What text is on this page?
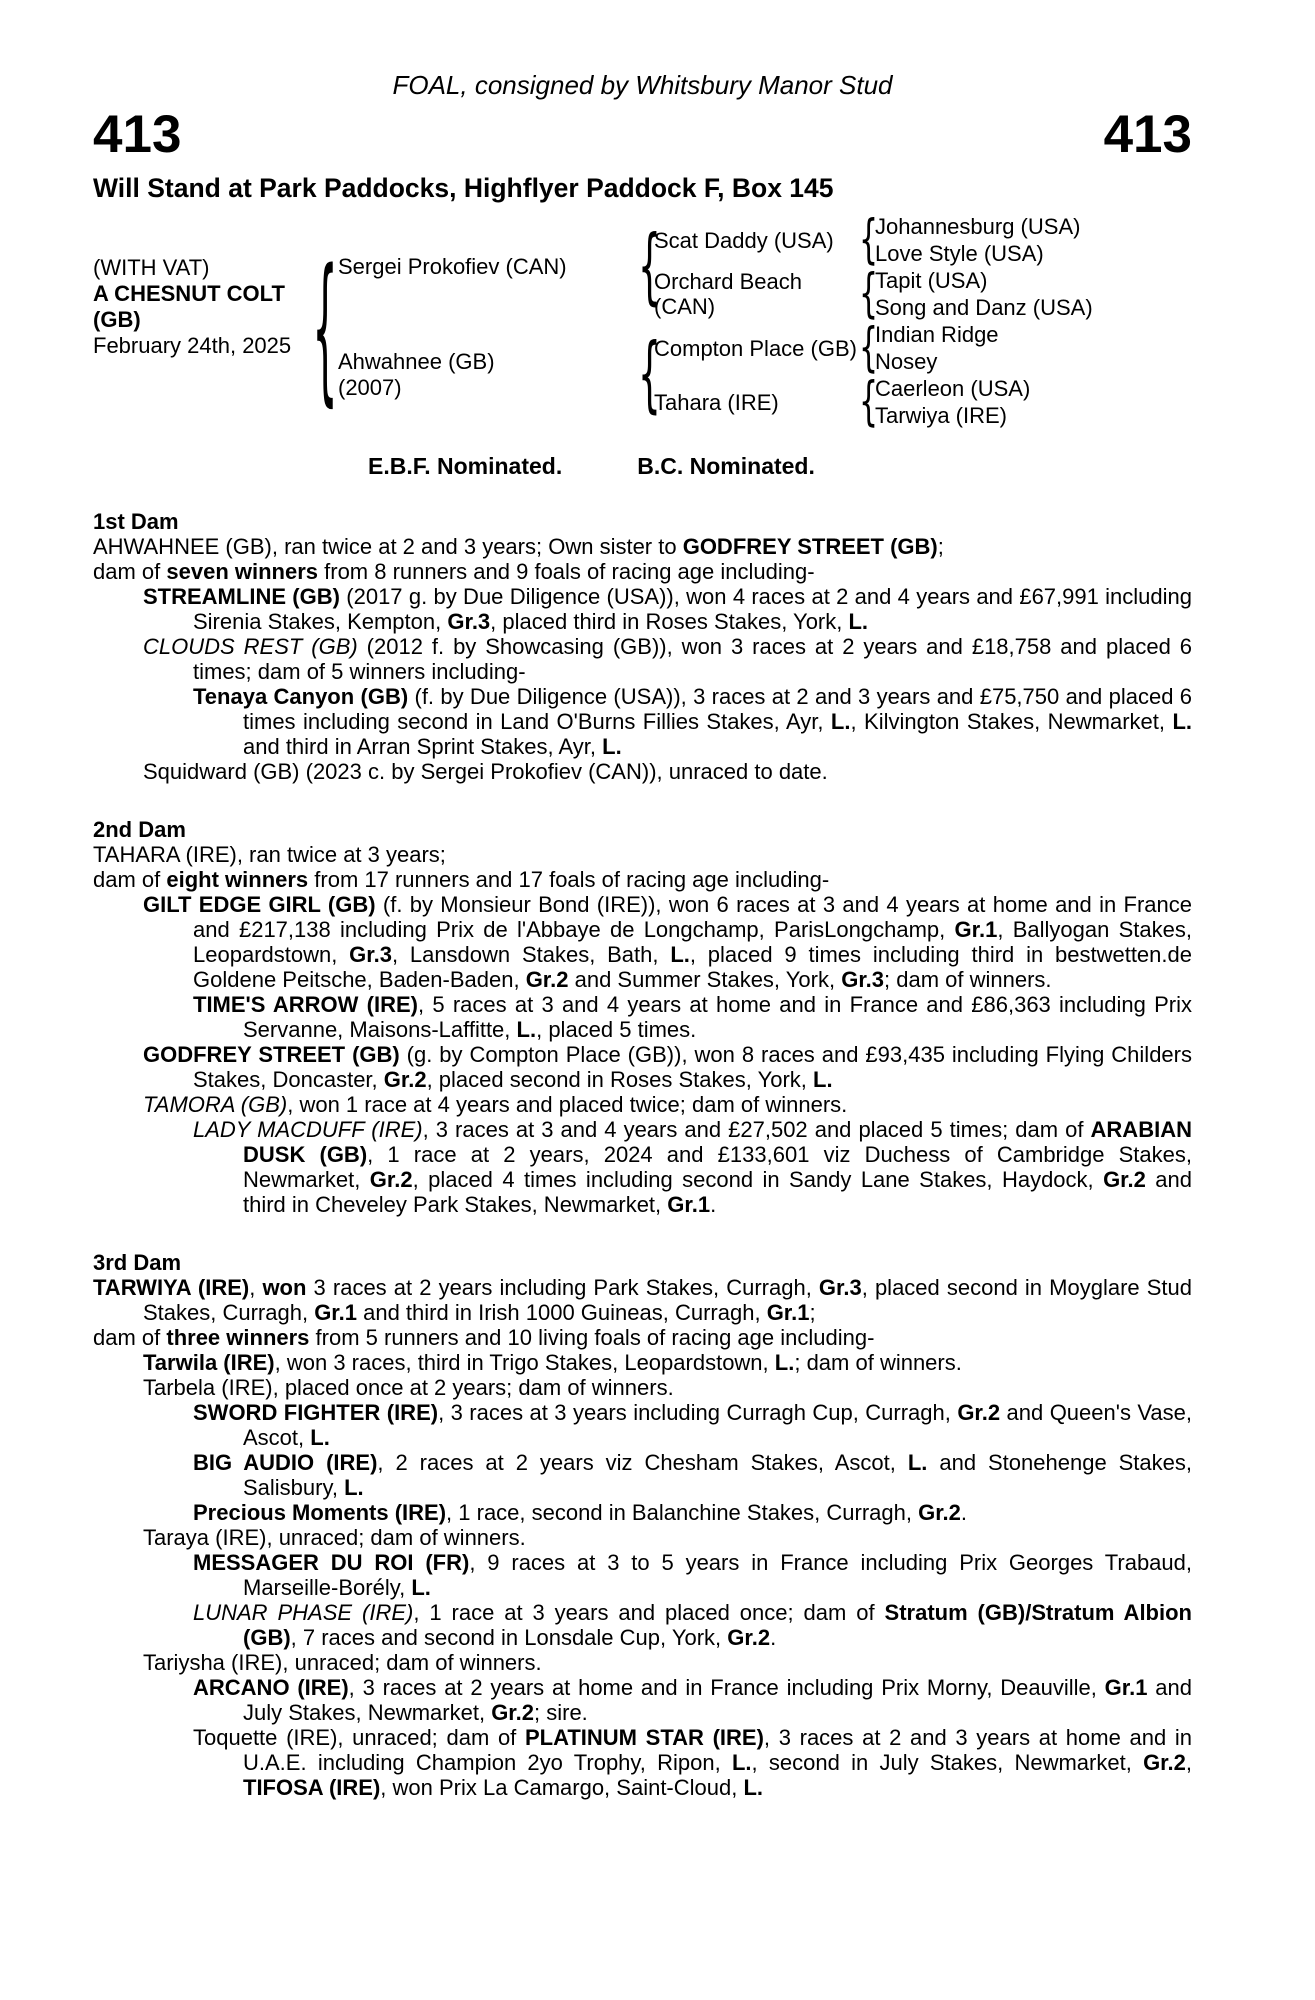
FOAL, consigned by Whitsbury Manor Stud
413	413
Will Stand at Park Paddocks, Highflyer Paddock F, Box 145
(WITH VAT)
A CHESNUT COLT
(GB)
February 24th, 2025 { Sergei Prokofiev (CAN)	{
Scat Daddy (USA) {
Johannesburg (USA)
Love Style (USA)
Orchard Beach (CAN)	{
Tapit (USA)
Song and Danz (USA)
Ahwahnee (GB)
(2007)	{
Compton Place (GB) {
Indian Ridge
Nosey
Tahara (IRE)	{
Caerleon (USA)
Tarwiya (IRE)
E.B.F. Nominated.	B.C. Nominated.
1st Dam
AHWAHNEE (GB), ran twice at 2 and 3 years; Own sister to GODFREY STREET (GB);
dam of seven winners from 8 runners and 9 foals of racing age including-
STREAMLINE (GB) (2017 g. by Due Diligence (USA)), won 4 races at 2 and 4 years and £67,991 including Sirenia Stakes, Kempton, Gr.3, placed third in Roses Stakes, York, L.
CLOUDS REST (GB) (2012 f. by Showcasing (GB)), won 3 races at 2 years and £18,758 and placed 6 times; dam of 5 winners including-
Tenaya Canyon (GB) (f. by Due Diligence (USA)), 3 races at 2 and 3 years and £75,750 and placed 6 times including second in Land O'Burns Fillies Stakes, Ayr, L., Kilvington Stakes, Newmarket, L. and third in Arran Sprint Stakes, Ayr, L.
Squidward (GB) (2023 c. by Sergei Prokofiev (CAN)), unraced to date.
2nd Dam
TAHARA (IRE), ran twice at 3 years;
dam of eight winners from 17 runners and 17 foals of racing age including-
GILT EDGE GIRL (GB) (f. by Monsieur Bond (IRE)), won 6 races at 3 and 4 years at home and in France and £217,138 including Prix de l'Abbaye de Longchamp, ParisLongchamp, Gr.1, Ballyogan Stakes, Leopardstown, Gr.3, Lansdown Stakes, Bath, L., placed 9 times including third in bestwetten.de Goldene Peitsche, Baden-Baden, Gr.2 and Summer Stakes, York, Gr.3; dam of winners.
TIME'S ARROW (IRE), 5 races at 3 and 4 years at home and in France and £86,363 including Prix Servanne, Maisons-Laffitte, L., placed 5 times.
GODFREY STREET (GB) (g. by Compton Place (GB)), won 8 races and £93,435 including Flying Childers Stakes, Doncaster, Gr.2, placed second in Roses Stakes, York, L.
TAMORA (GB), won 1 race at 4 years and placed twice; dam of winners.
LADY MACDUFF (IRE), 3 races at 3 and 4 years and £27,502 and placed 5 times; dam of ARABIAN DUSK (GB), 1 race at 2 years, 2024 and £133,601 viz Duchess of Cambridge Stakes, Newmarket, Gr.2, placed 4 times including second in Sandy Lane Stakes, Haydock, Gr.2 and third in Cheveley Park Stakes, Newmarket, Gr.1.
3rd Dam
TARWIYA (IRE), won 3 races at 2 years including Park Stakes, Curragh, Gr.3, placed second in Moyglare Stud Stakes, Curragh, Gr.1 and third in Irish 1000 Guineas, Curragh, Gr.1;
dam of three winners from 5 runners and 10 living foals of racing age including-
Tarwila (IRE), won 3 races, third in Trigo Stakes, Leopardstown, L.; dam of winners.
Tarbela (IRE), placed once at 2 years; dam of winners.
SWORD FIGHTER (IRE), 3 races at 3 years including Curragh Cup, Curragh, Gr.2 and Queen's Vase, Ascot, L.
BIG AUDIO (IRE), 2 races at 2 years viz Chesham Stakes, Ascot, L. and Stonehenge Stakes, Salisbury, L.
Precious Moments (IRE), 1 race, second in Balanchine Stakes, Curragh, Gr.2.
Taraya (IRE), unraced; dam of winners.
MESSAGER DU ROI (FR), 9 races at 3 to 5 years in France including Prix Georges Trabaud, Marseille-Borély, L.
LUNAR PHASE (IRE), 1 race at 3 years and placed once; dam of Stratum (GB)/Stratum Albion (GB), 7 races and second in Lonsdale Cup, York, Gr.2.
Tariysha (IRE), unraced; dam of winners.
ARCANO (IRE), 3 races at 2 years at home and in France including Prix Morny, Deauville, Gr.1 and July Stakes, Newmarket, Gr.2; sire.
Toquette (IRE), unraced; dam of PLATINUM STAR (IRE), 3 races at 2 and 3 years at home and in U.A.E. including Champion 2yo Trophy, Ripon, L., second in July Stakes, Newmarket, Gr.2, TIFOSA (IRE), won Prix La Camargo, Saint-Cloud, L.
